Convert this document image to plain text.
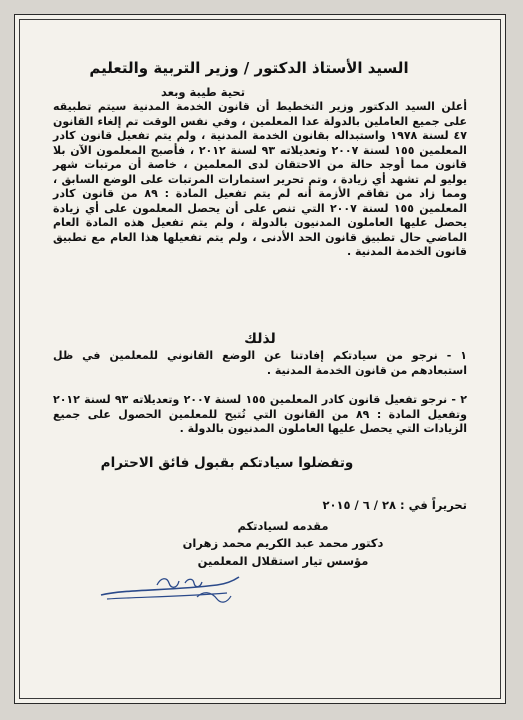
السيد الأستاذ الدكتور / وزير التربية والتعليم
تحية طيبة وبعد
أعلن السيد الدكتور وزير التخطيط أن قانون الخدمة المدنية سيتم تطبيقه على جميع العاملين بالدولة عدا المعلمين ، وفي نفس الوقت تم إلغاء القانون ٤٧ لسنة ١٩٧٨ واستبداله بقانون الخدمة المدنية ، ولم يتم تفعيل قانون كادر المعلمين ١٥٥ لسنة ٢٠٠٧ وتعديلاته ٩٣ لسنة ٢٠١٢ ، فأصبح المعلمون الآن بلا قانون مما أوجد حالة من الاحتقان لدى المعلمين ، خاصة أن مرتبات شهر يوليو لم تشهد أي زيادة ، وتم تحرير استمارات المرتبات على الوضع السابق ، ومما زاد من تفاقم الأزمة أنه لم يتم تفعيل المادة : ٨٩ من قانون كادر المعلمين ١٥٥ لسنة ٢٠٠٧ التي تنص على أن يحصل المعلمون على أي زيادة يحصل عليها العاملون المدنيون بالدولة ، ولم يتم تفعيل هذه المادة العام الماضي حال تطبيق قانون الحد الأدنى ، ولم يتم تفعيلها هذا العام مع تطبيق قانون الخدمة المدنية .
لذلك
١ - نرجو من سيادتكم إفادتنا عن الوضع القانوني للمعلمين في ظل استبعادهم من قانون الخدمة المدنية .
٢ - نرجو تفعيل قانون كادر المعلمين ١٥٥ لسنة ٢٠٠٧ وتعديلاته ٩٣ لسنة ٢٠١٢ وتفعيل المادة : ٨٩ من القانون التي تُتيح للمعلمين الحصول على جميع الزيادات التي يحصل عليها العاملون المدنيون بالدولة .
وتفضلوا سيادتكم بقبول فائق الاحترام
تحريراً في : ٢٨ / ٦ / ٢٠١٥
مقدمه لسيادتكم
دكتور محمد عبد الكريم محمد زهران
مؤسس تيار استقلال المعلمين
